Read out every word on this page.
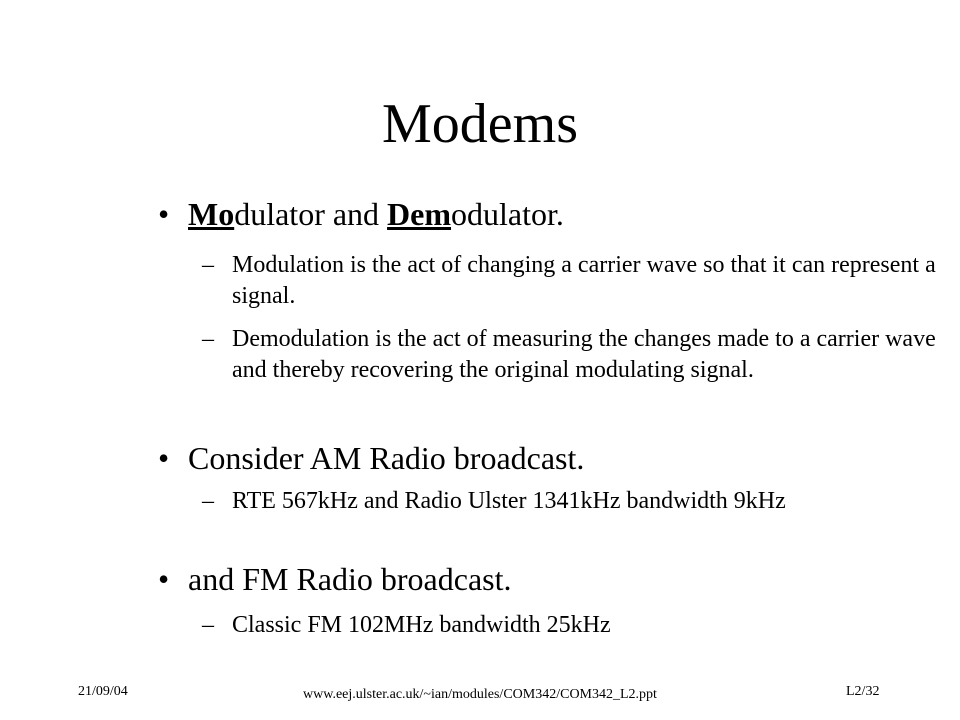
Modems
• Modulator and Demodulator.
– Modulation is the act of changing a carrier wave so that it can represent a signal.
– Demodulation is the act of measuring the changes made to a carrier wave and thereby recovering the original modulating signal.
• Consider AM Radio broadcast.
– RTE 567kHz and Radio Ulster 1341kHz bandwidth 9kHz
• and FM Radio broadcast.
– Classic FM 102MHz bandwidth 25kHz
21/09/04	www.eej.ulster.ac.uk/~ian/modules/COM342/COM342_L2.ppt	L2/32
